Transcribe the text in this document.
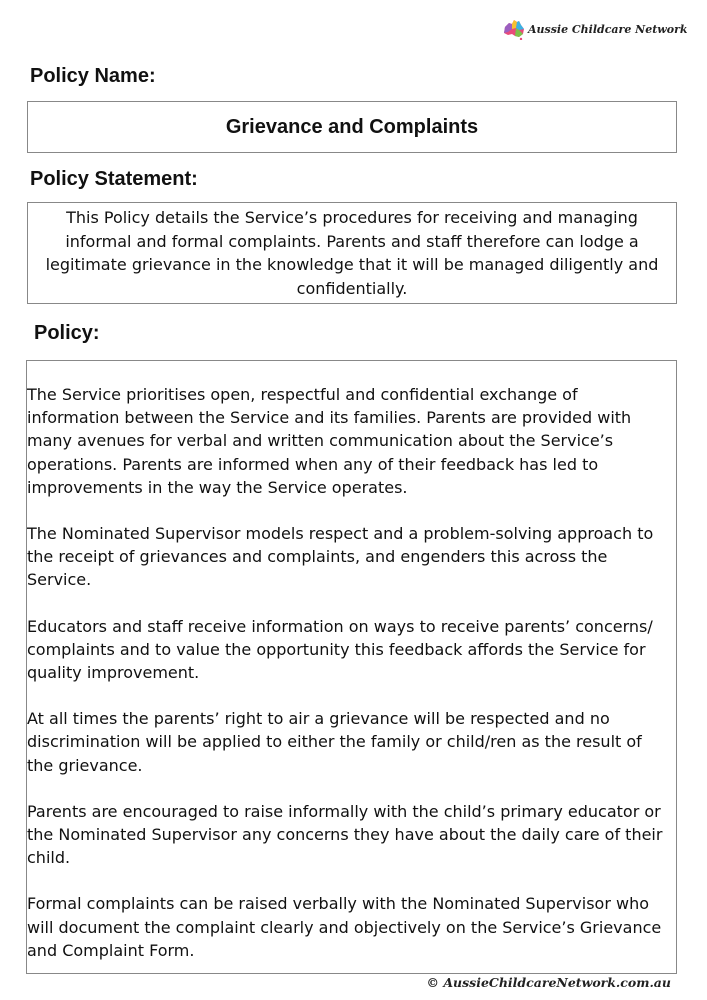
Aussie Childcare Network
Policy Name:
Grievance and Complaints
Policy Statement:
This Policy details the Service’s procedures for receiving and managing informal and formal complaints. Parents and staff therefore can lodge a legitimate grievance in the knowledge that it will be managed diligently and confidentially.
Policy:

The Service prioritises open, respectful and confidential exchange of information between the Service and its families. Parents are provided with many avenues for verbal and written communication about the Service’s operations. Parents are informed when any of their feedback has led to improvements in the way the Service operates.

The Nominated Supervisor models respect and a problem-solving approach to the receipt of grievances and complaints, and engenders this across the Service.

Educators and staff receive information on ways to receive parents’ concerns/ complaints and to value the opportunity this feedback affords the Service for quality improvement.

At all times the parents’ right to air a grievance will be respected and no discrimination will be applied to either the family or child/ren as the result of the grievance.

Parents are encouraged to raise informally with the child’s primary educator or the Nominated Supervisor any concerns they have about the daily care of their child.

Formal complaints can be raised verbally with the Nominated Supervisor who will document the complaint clearly and objectively on the Service’s Grievance and Complaint Form.

© AussieChildcareNetwork.com.au
